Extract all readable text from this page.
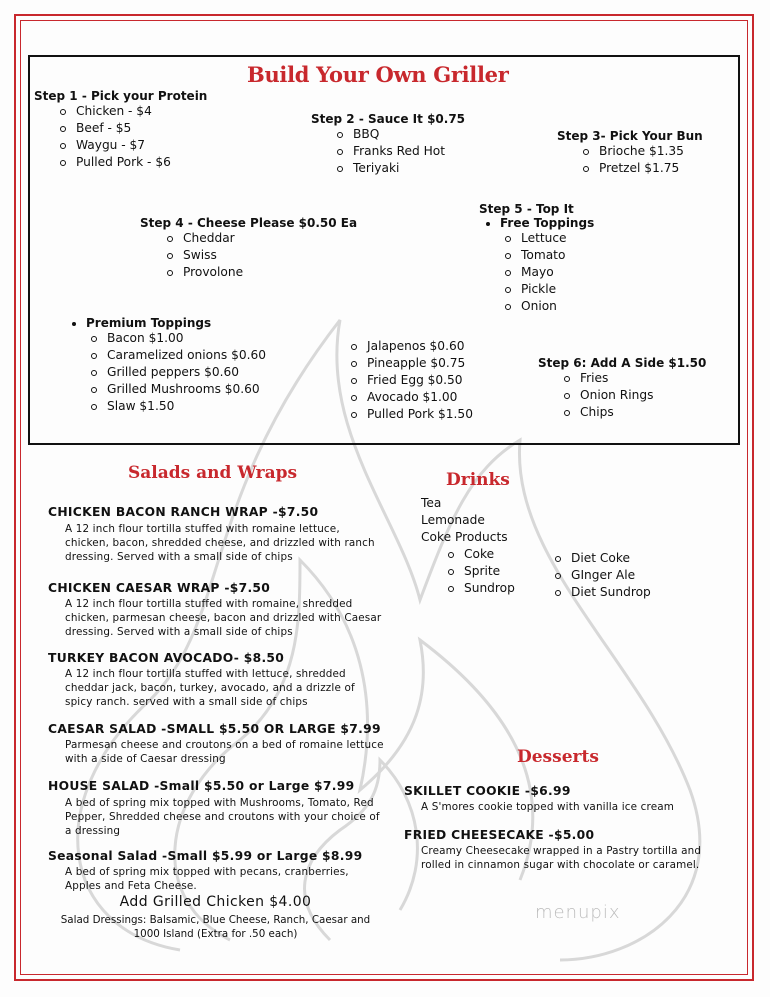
menupix
Build Your Own Griller
Step 1 - Pick your Protein
Chicken - $4
Beef - $5
Waygu - $7
Pulled Pork - $6
Step 2 - Sauce It $0.75
BBQ
Franks Red Hot
Teriyaki
Step 3- Pick Your Bun
Brioche $1.35
Pretzel $1.75
Step 4 - Cheese Please $0.50 Ea
Cheddar
Swiss
Provolone
Step 5 - Top It
Free Toppings
Lettuce
Tomato
Mayo
Pickle
Onion
Premium Toppings
Bacon $1.00
Caramelized onions $0.60
Grilled peppers $0.60
Grilled Mushrooms $0.60
Slaw $1.50
Jalapenos $0.60
Pineapple $0.75
Fried Egg $0.50
Avocado $1.00
Pulled Pork $1.50
Step 6: Add A Side $1.50
Fries
Onion Rings
Chips
Salads and Wraps
CHICKEN BACON RANCH WRAP -$7.50
A 12 inch flour tortilla stuffed with romaine lettuce, chicken, bacon, shredded cheese, and drizzled with ranch dressing. Served with a small side of chips
CHICKEN CAESAR WRAP -$7.50
A 12 inch flour tortilla stuffed with romaine, shredded chicken, parmesan cheese, bacon and drizzled with Caesar dressing. Served with a small side of chips
TURKEY BACON AVOCADO- $8.50
A 12 inch flour tortilla stuffed with lettuce, shredded cheddar jack, bacon, turkey, avocado, and a drizzle of spicy ranch. served with a small side of chips
CAESAR SALAD -SMALL $5.50 OR LARGE $7.99
Parmesan cheese and croutons on a bed of romaine lettuce with a side of Caesar dressing
HOUSE SALAD -Small $5.50 or Large $7.99
A bed of spring mix topped with Mushrooms, Tomato, Red Pepper, Shredded cheese and croutons with your choice of a dressing
Seasonal Salad -Small $5.99 or Large $8.99
A bed of spring mix topped with pecans, cranberries, Apples and Feta Cheese.
Add Grilled Chicken $4.00
Salad Dressings: Balsamic, Blue Cheese, Ranch, Caesar and 1000 Island (Extra for .50 each)
Drinks
Tea
Lemonade
Coke Products
Coke
Sprite
Sundrop
Diet Coke
GInger Ale
Diet Sundrop
Desserts
SKILLET COOKIE -$6.99
A S'mores cookie topped with vanilla ice cream
FRIED CHEESECAKE -$5.00
Creamy Cheesecake wrapped in a Pastry tortilla and rolled in cinnamon sugar with chocolate or caramel.
